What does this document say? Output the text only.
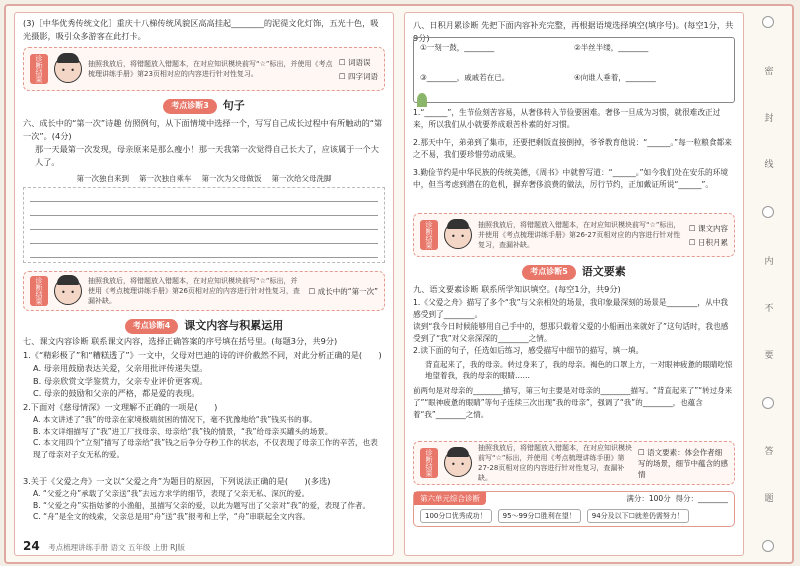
(3)［中华优秀传统文化］重庆十八梯传统风貌区高高挂起________的泥徥文化灯饰，五光十色，吸光摄影，吸引众多游客在此打卡。
诊断结果 • •	抽照我放后，将错题放入错题本，在对应知识模块前写“☆”标出，并使用《考点梳理讲练手册》第23页相对应的内容进行针对性复习。
☐ 词语误
☐ 四字词语
考点诊断3	句子
六、成长中的“第一次”诗趣 仿照例句，从下面情境中选择一个，写写自己成长过程中有所触动的“第一次”。(4分)
那一天最第一次发现，母亲原来是那么瘦小！那一天我第一次觉得自己长大了，应该属于一个大人了。
第一次独自来到 第一次独自乘车 第一次为父母做饭 第一次给父母洗脚
诊断结果 • •	抽照我放后，将错题放入错题本，在对应知识模块前写“☆”标出，并使用《考点梳理讲练手册》第26页相对应的内容进行针对性复习，查漏补缺。
☐ 成长中的“第一次”
考点诊断4	课文内容与积累运用
七、课文内容诊断 联系课文内容，选择正确答案的序号填在括号里。(每题3分，共9分)
1.《“精彩极了”和“糟糕透了”》一文中，父母对巴迪的诗的评价截然不同，对此分析正确的是(　　)
A. 母亲用鼓励表达关爱，父亲用批评传递失望。
B. 母亲欣赏文学鉴赏力，父亲专业评价更客观。
C. 母亲的鼓励和父亲的严格，都是爱的表现。
2.下面对《慈母情深》一文理解不正确的一项是(　　)
A. 本文讲述了“我”的母亲在家境极端贫困的情况下，毫不犹豫地给“我”钱买书的事。
B. 本文详细描写了“我”进工厂找母亲、母亲给“我”钱的情景，“我”给母亲买罐头的场景。
C. 本文用四个“立刻”描写了母亲给“我”钱之后争分夺秒工作的状态，不仅表现了母亲工作的辛苦，也表现了母亲对子女无私的爱。
3.关于《父爱之舟》一文以“父爱之舟”为题目的原因，下列说法正确的是(　　)(多选)
A. “父爱之舟”承载了父亲送“我”去远方求学的细节，表现了父亲无私、深沉的爱。
B. “父爱之舟”实指姑爹的小渔船，虽描写父亲的爱，以此为题写出了父亲对“我”的爱，表现了作者。
C. “舟”是全文的线索，父亲总是用“舟”送“我”报考和上学，“舟”串联起全文内容。
24 考点梳理讲练手册 语文 五年级 上册 RJ版
八、日积月累诊断 先把下面内容补充完整，再根据语境选择填空(填序号)。(每空1分，共9分)
①一刻一鼓，________	②半丝半缕，________
③________，戚戚若在已。	④向谁人垂着，________
1.“______”，生节俭刻苦容易，从奢侈转入节俭要困难。奢侈一旦成为习惯，就很难改正过来，所以我们从小就要养成艰苦朴素的好习惯。
2.那天中午，弟弟到了集市，还要把剩饭直接倒掉，爷爷教育他说：“______。”每一粒粮食都来之不易，我们要珍惜劳动成果。
3.勤俭节约是中华民族的传统美德，《周书》中就曾写道：“______。”如今我们处在安乐的环境中，但当考虑到潜在的危机，摒弃奢侈浪费的做法，厉行节约，正加戴证所说“______”。
诊断结果 • •	抽照我放后，将错题放入错题本，在对应知识模块前写“☆”标出，并使用《考点梳理讲练手册》第26-27页相对应的内容进行针对性复习，查漏补缺。
☐ 课文内容
☐ 日积月累
考点诊断5	语文要素
九、语文要素诊断 联系所学知识填空。(每空1分，共9分)
1.《父爱之舟》描写了多个“我”与父亲相处的场景，我印象最深刻的场景是________，从中我感受到了________。
读到“我今日时候能够用自己手中的，想那只载着父爱的小船画出来就好了”这句话时，我也感受到了“我”对父亲深深的________之情。
2.读下面的句子，任选如后练习，感受描写中细节的描写，填一填。
背直起来了，我的母亲。转过身来了，我的母亲。褐色的口罩上方，一对眼神疲惫的眼睛吃惊地望着我，我的母亲的眼睛……
前两句是对母亲的________描写，第三句主要是对母亲的________描写。“背直起来了”“转过身来了”“眼神疲惫的眼睛”等句子连续三次出现“我的母亲”，强调了“我”的________，也蕴含着“我”________之情。
诊断结果
• •
抽照我放后，将错题放入错题本，在对应知识模块前写“☆”标出，并使用《考点梳理讲练手册》第27-28页相对应的内容进行针对性复习，查漏补缺。
☐ 语文要素：体会作者细写的场景，细节中蕴含的感情
第六单元综合诊断	满分：100分 得分：________
100分☐优秀成功！	95～99分☐胜利在望！	94分及以下☐就差仍需努力！
密
封
线
内
不
要
答
题
